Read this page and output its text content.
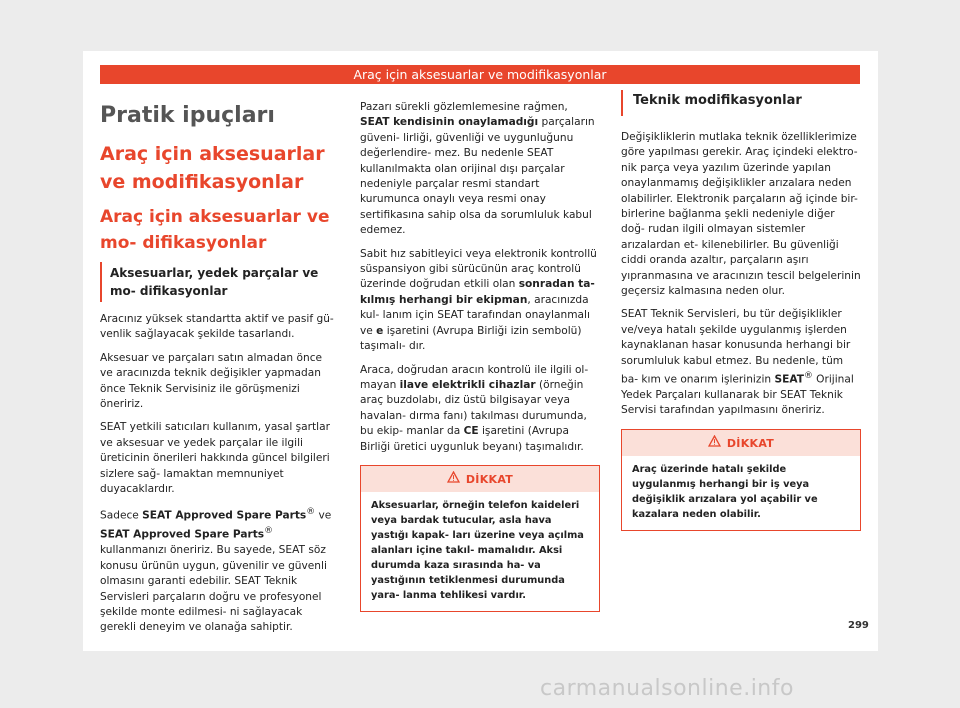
Araç için aksesuarlar ve modifikasyonlar
Pratik ipuçları
Araç için aksesuarlar ve modifikasyonlar
Araç için aksesuarlar ve mo- difikasyonlar
Aksesuarlar, yedek parçalar ve mo- difikasyonlar

Aracınız yüksek standartta aktif ve pasif gü- venlik sağlayacak şekilde tasarlandı.

Aksesuar ve parçaları satın almadan önce ve aracınızda teknik değişikler yapmadan önce Teknik Servisiniz ile görüşmenizi öneririz.

SEAT yetkili satıcıları kullanım, yasal şartlar ve aksesuar ve yedek parçalar ile ilgili üreticinin önerileri hakkında güncel bilgileri sizlere sağ- lamaktan memnuniyet duyacaklardır.

Sadece SEAT Approved Spare Parts® ve SEAT Approved Spare Parts® kullanmanızı öneririz. Bu sayede, SEAT söz konusu ürünün uygun, güvenilir ve güvenli olmasını garanti edebilir. SEAT Teknik Servisleri parçaların doğru ve profesyonel şekilde monte edilmesi- ni sağlayacak gerekli deneyim ve olanağa sahiptir.

Pazarı sürekli gözlemlemesine rağmen, SEAT kendisinin onaylamadığı parçaların güveni- lirliği, güvenliği ve uygunluğunu değerlendire- mez. Bu nedenle SEAT kullanılmakta olan orijinal dışı parçalar nedeniyle parçalar resmi standart kurumunca onaylı veya resmi onay sertifikasına sahip olsa da sorumluluk kabul edemez.

Sabit hız sabitleyici veya elektronik kontrollü süspansiyon gibi sürücünün araç kontrolü üzerinde doğrudan etkili olan sonradan ta- kılmış herhangi bir ekipman, aracınızda kul- lanım için SEAT tarafından onaylanmalı ve e işaretini (Avrupa Birliği izin sembolü) taşımalı- dır.

Araca, doğrudan aracın kontrolü ile ilgili ol- mayan ilave elektrikli cihazlar (örneğin araç buzdolabı, diz üstü bilgisayar veya havalan- dırma fanı) takılması durumunda, bu ekip- manlar da CE işaretini (Avrupa Birliği üretici uygunluk beyanı) taşımalıdır.

DİKKAT
Aksesuarlar, örneğin telefon kaideleri veya bardak tutucular, asla hava yastığı kapak- ları üzerine veya açılma alanları içine takıl- mamalıdır. Aksi durumda kaza sırasında ha- va yastığının tetiklenmesi durumunda yara- lanma tehlikesi vardır.
Teknik modifikasyonlar

Değişikliklerin mutlaka teknik özelliklerimize göre yapılması gerekir. Araç içindeki elektro- nik parça veya yazılım üzerinde yapılan onaylanmamış değişiklikler arızalara neden olabilirler. Elektronik parçaların ağ içinde bir- birlerine bağlanma şekli nedeniyle diğer doğ- rudan ilgili olmayan sistemler arızalardan et- kilenebilirler. Bu güvenliği ciddi oranda azaltır, parçaların aşırı yıpranmasına ve aracınızın tescil belgelerinin geçersiz kalmasına neden olur.

SEAT Teknik Servisleri, bu tür değişiklikler ve/veya hatalı şekilde uygulanmış işlerden kaynaklanan hasar konusunda herhangi bir sorumluluk kabul etmez. Bu nedenle, tüm ba- kım ve onarım işlerinizin SEAT® Orijinal Yedek Parçaları kullanarak bir SEAT Teknik Servisi tarafından yapılmasını öneririz.

DİKKAT
Araç üzerinde hatalı şekilde uygulanmış herhangi bir iş veya değişiklik arızalara yol açabilir ve kazalara neden olabilir.
299
carmanualsonline.info
